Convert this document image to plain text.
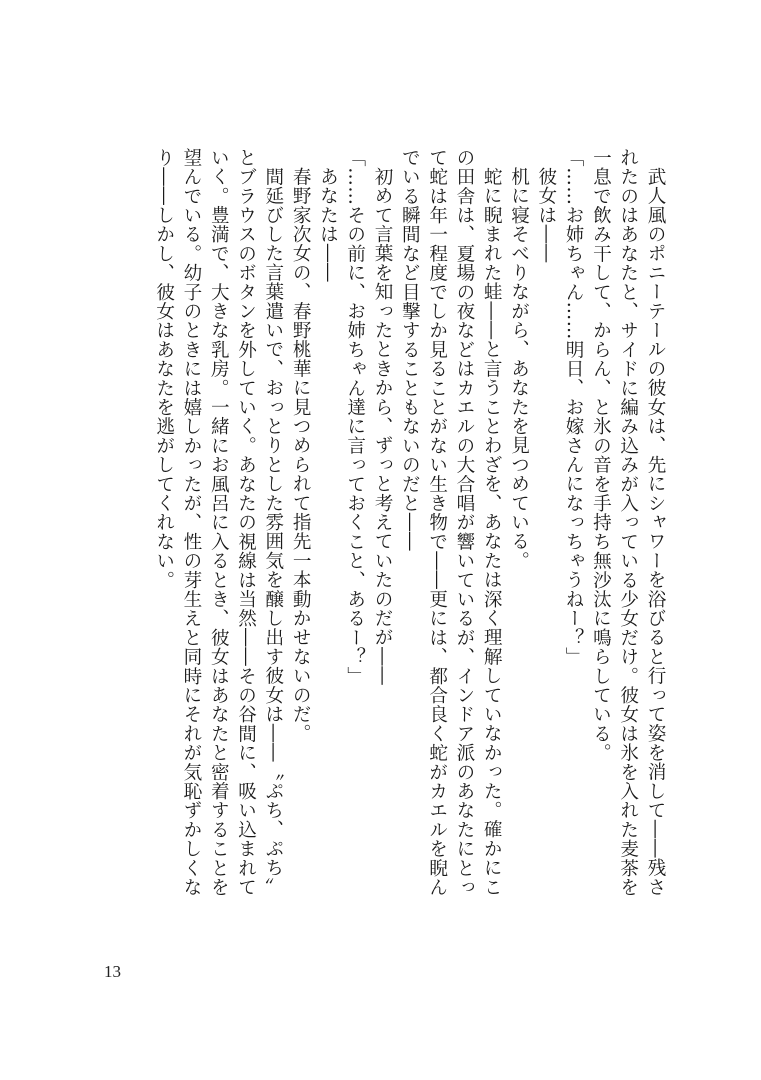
武人風のポニーテールの彼女は、先にシャワーを浴びると行って姿を消して――残されたのはあなたと、サイドに編み込みが入っている少女だけ。彼女は氷を入れた麦茶を一息で飲み干して、からん、と氷の音を手持ち無沙汰に鳴らしている。

「……お姉ちゃん……明日、お嫁さんになっちゃうねー？」

彼女は――

机に寝そべりながら、あなたを見つめている。

蛇に睨まれた蛙――と言うことわざを、あなたは深く理解していなかった。確かにこの田舎は、夏場の夜などはカエルの大合唱が響いているが、インドア派のあなたにとって蛇は年一程度でしか見ることがない生き物で――更には、都合良く蛇がカエルを睨んでいる瞬間など目撃することもないのだと――

初めて言葉を知ったときから、ずっと考えていたのだが――

「……その前に、お姉ちゃん達に言っておくこと、あるー？」

あなたは――

春野家次女の、春野桃華に見つめられて指先一本動かせないのだ。

間延びした言葉遣いで、おっとりとした雰囲気を醸し出す彼女は――〝ぷち、ぷち〟とブラウスのボタンを外していく。あなたの視線は当然――その谷間に、吸い込まれていく。豊満で、大きな乳房。一緒にお風呂に入るとき、彼女はあなたと密着することを望んでいる。幼子のときには嬉しかったが、性の芽生えと同時にそれが気恥ずかしくなり――しかし、彼女はあなたを逃がしてくれない。

13
